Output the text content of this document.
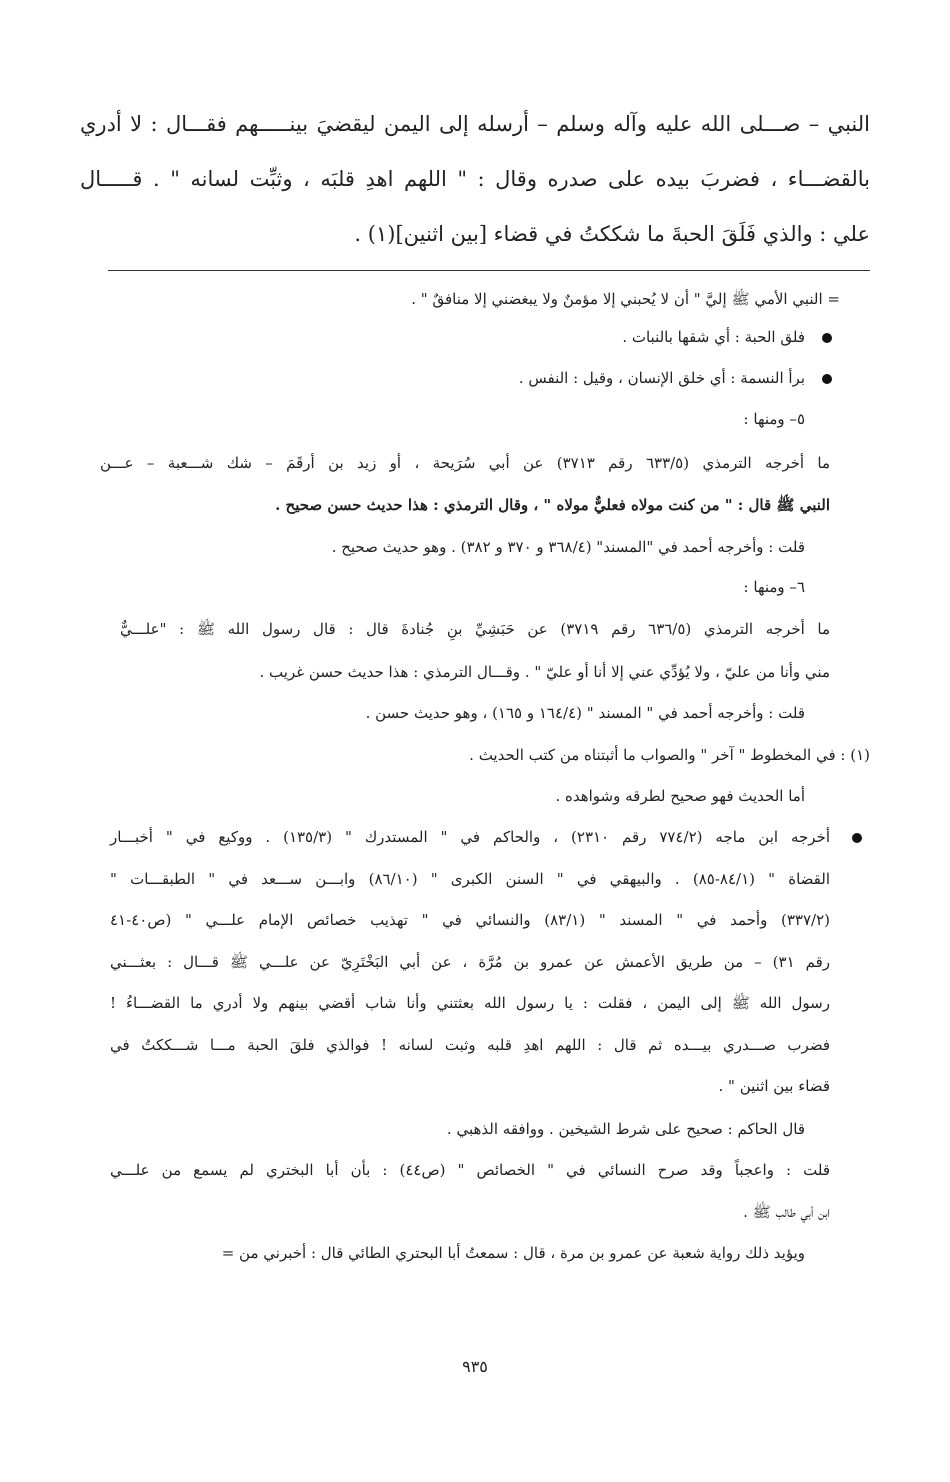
النبي – صـــلى الله عليه وآله وسلم – أرسله إلى اليمن ليقضيَ بينـــــهم فقـــال : لا أدري
بالقضـــاء ، فضربَ بيده على صدره وقال : " اللهم اهدِ قلبَه ، وثبِّت لسانه " . قـــــال
علي : والذي فَلَقَ الحبةَ ما شككتُ في قضاء [بين اثنين](١) .
= النبي الأمي ﷺ إليَّ " أن لا يُحبني إلا مؤمنٌ ولا يبغضني إلا منافقٌ " .
فلق الحبة : أي شقها بالنبات .
برأ النسمة : أي خلق الإنسان ، وقيل : النفس .
٥– ومنها :
ما أخرجه الترمذي (٦٣٣/٥ رقم ٣٧١٣) عن أبي سُرَيحة ، أو زيد بن أرقَمَ – شك شـــعبة – عـــن
النبي ﷺ قال : " من كنت مولاه فعليٌّ مولاه " ، وقال الترمذي : هذا حديث حسن صحيح .
قلت : وأخرجه أحمد في "المسند" (٣٦٨/٤ و ٣٧٠ و ٣٨٢) . وهو حديث صحيح .
٦– ومنها :
ما أخرجه الترمذي (٦٣٦/٥ رقم ٣٧١٩) عن حَبَشِيِّ بنِ جُنادةَ قال : قال رسول الله ﷺ : "علـــيٌّ
مني وأنا من عليّ ، ولا يُؤدِّي عني إلا أنا أو عليّ " . وقـــال الترمذي : هذا حديث حسن غريب .
قلت : وأخرجه أحمد في " المسند " (١٦٤/٤ و ١٦٥) ، وهو حديث حسن .
(١) : في المخطوط " آخر " والصواب ما أثبتناه من كتب الحديث .
أما الحديث فهو صحيح لطرقه وشواهده .
أخرجه ابن ماجه (٧٧٤/٢ رقم ٢٣١٠) ، والحاكم في " المستدرك " (١٣٥/٣) . ووكيع في " أخبـــار
القضاة " (٨٤/١-٨٥) . والبيهقي في " السنن الكبرى " (٨٦/١٠) وابـــن ســـعد في " الطبقـــات "
(٣٣٧/٢) وأحمد في " المسند " (٨٣/١) والنسائي في " تهذيب خصائص الإمام علـــي " (ص٤٠-٤١
رقم ٣١) – من طريق الأعمش عن عمرو بن مُرَّة ، عن أبي البَخْتَرِيّ عن علـــي ﷺ قـــال : بعثـــني
رسول الله ﷺ إلى اليمن ، فقلت : يا رسول الله بعثتني وأنا شاب أقضي بينهم ولا أدري ما القضـــاءُ !
فضرب صـــدري بيـــده ثم قال : اللهم اهدِ قلبه وثبت لسانه ! فوالذي فلقَ الحبة مـــا شـــككتُ في
قضاء بين اثنين " .
قال الحاكم : صحيح على شرط الشيخين . ووافقه الذهبي .
قلت : واعجباً وقد صرح النسائي في " الخصائص " (ص٤٤) : بأن أبا البختري لم يسمع من علـــي
ابن أبي طالب ﷺ .
ويؤيد ذلك رواية شعبة عن عمرو بن مرة ، قال : سمعتُ أبا البحتري الطائي قال : أخبرني من =
٩٣٥
